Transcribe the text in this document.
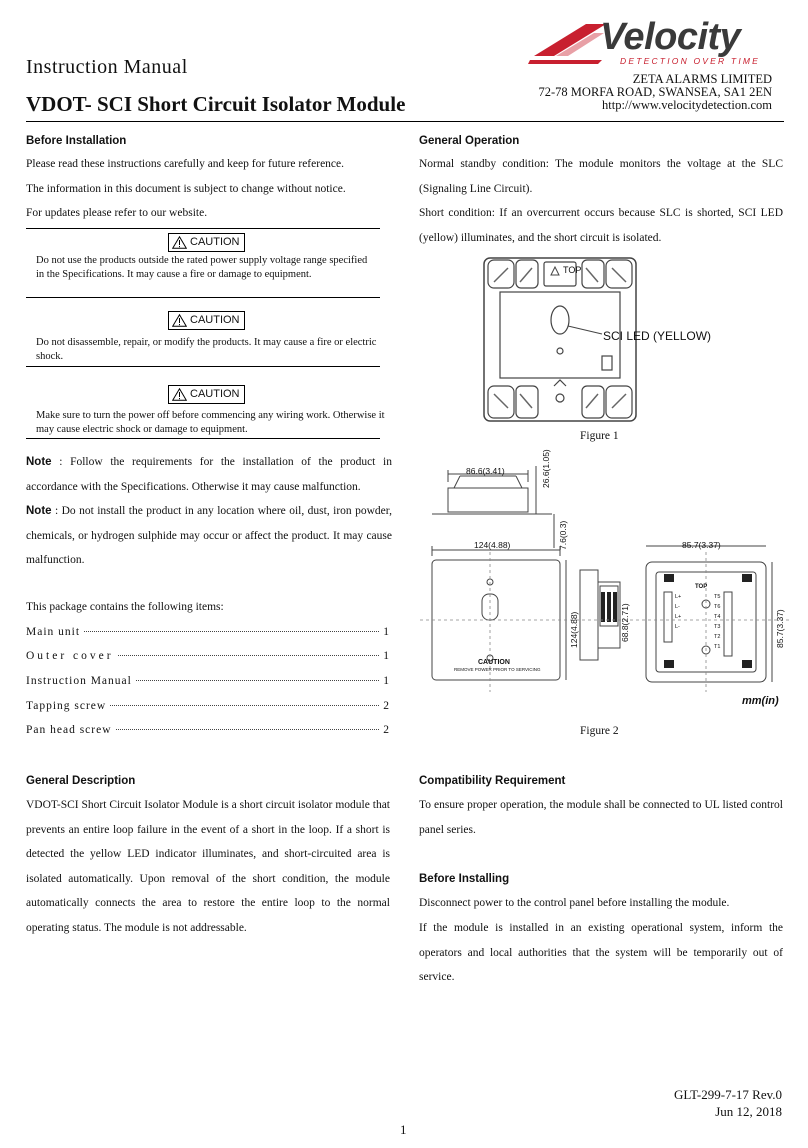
Instruction Manual
VDOT- SCI Short Circuit Isolator Module
Velocity
DETECTION OVER TIME
ZETA ALARMS LIMITED
72-78 MORFA ROAD, SWANSEA, SA1 2EN
http://www.velocitydetection.com
Before Installation
Please read these instructions carefully and keep for future reference.
The information in this document is subject to change without notice.
For updates please refer to our website.
CAUTION
Do not use the products outside the rated power supply voltage range specified in the Specifications. It may cause a fire or damage to equipment.
CAUTION
Do not disassemble, repair, or modify the products. It may cause a fire or electric shock.
CAUTION
Make sure to turn the power off before commencing any wiring work. Otherwise it may cause electric shock or damage to equipment.
Note : Follow the requirements for the installation of the product in accordance with the Specifications. Otherwise it may cause malfunction.
Note : Do not install the product in any location where oil, dust, iron powder, chemicals, or hydrogen sulphide may occur or affect the product. It may cause malfunction.
This package contains the following items:
Main unit	1
Outer cover	1
Instruction Manual	1
Tapping screw	2
Pan head screw	2
General Description
VDOT-SCI Short Circuit Isolator Module is a short circuit isolator module that prevents an entire loop failure in the event of a short in the loop. If a short is detected the yellow LED indicator illuminates, and short-circuited area is isolated automatically. Upon removal of the short condition, the module automatically connects the area to restore the entire loop to the normal operating status. The module is not addressable.
General Operation
Normal standby condition: The module monitors the voltage at the SLC (Signaling Line Circuit).
Short condition: If an overcurrent occurs because SLC is shorted, SCI LED (yellow) illuminates, and the short circuit is isolated.
TOP
SCI LED (YELLOW)
Figure 1
86.6(3.41)	26.6(1.05)
7.6(0.3)
124(4.88)
124(4.88)	68.8(2.71)
85.7(3.37)
85.7(3.37)
CAUTION
REMOVE POWER PRIOR TO SERVICING
TOP
L+
L-
L+
L-
T5
T6
T4
T3
T2
T1
mm(in)
Figure 2
Compatibility Requirement
To ensure proper operation, the module shall be connected to UL listed control panel series.
Before Installing
Disconnect power to the control panel before installing the module.
If the module is installed in an existing operational system, inform the operators and local authorities that the system will be temporarily out of service.
GLT-299-7-17 Rev.0
Jun 12, 2018
1
